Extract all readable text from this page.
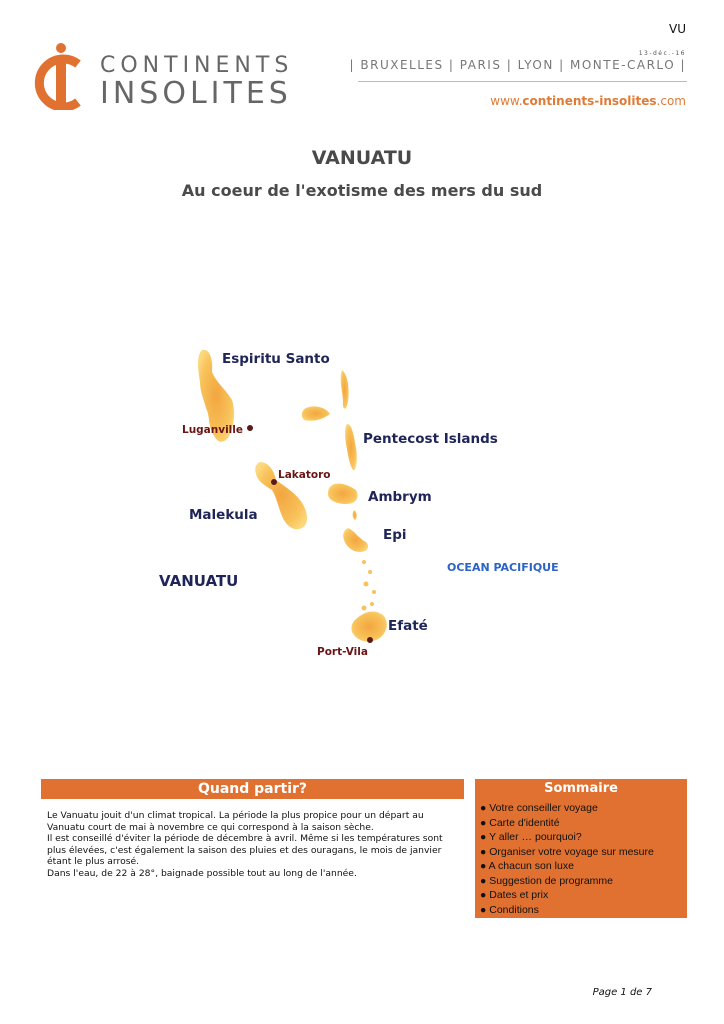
VU
CONTINENTS
INSOLITES
13-déc.-16
| BRUXELLES | PARIS | LYON | MONTE-CARLO |
www.continents-insolites.com
VANUATU
Au coeur de l'exotisme des mers du sud
Espiritu Santo
Luganville
Pentecost Islands
Lakatoro
Ambrym
Malekula
Epi
OCEAN PACIFIQUE
VANUATU
Efaté
Port-Vila
Quand partir?

Le Vanuatu jouit d'un climat tropical. La période la plus propice pour un départ au Vanuatu court de mai à novembre ce qui correspond à la saison sèche.

Il est conseillé d'éviter la période de décembre à avril. Même si les températures sont plus élevées, c'est également la saison des pluies et des ouragans, le mois de janvier étant le plus arrosé.

Dans l'eau, de 22 à 28°, baignade possible tout au long de l'année.

Sommaire
● Votre conseiller voyage
● Carte d'identité
● Y aller … pourquoi?
● Organiser votre voyage sur mesure
● A chacun son luxe
● Suggestion de programme
● Dates et prix
● Conditions
Page 1 de 7
